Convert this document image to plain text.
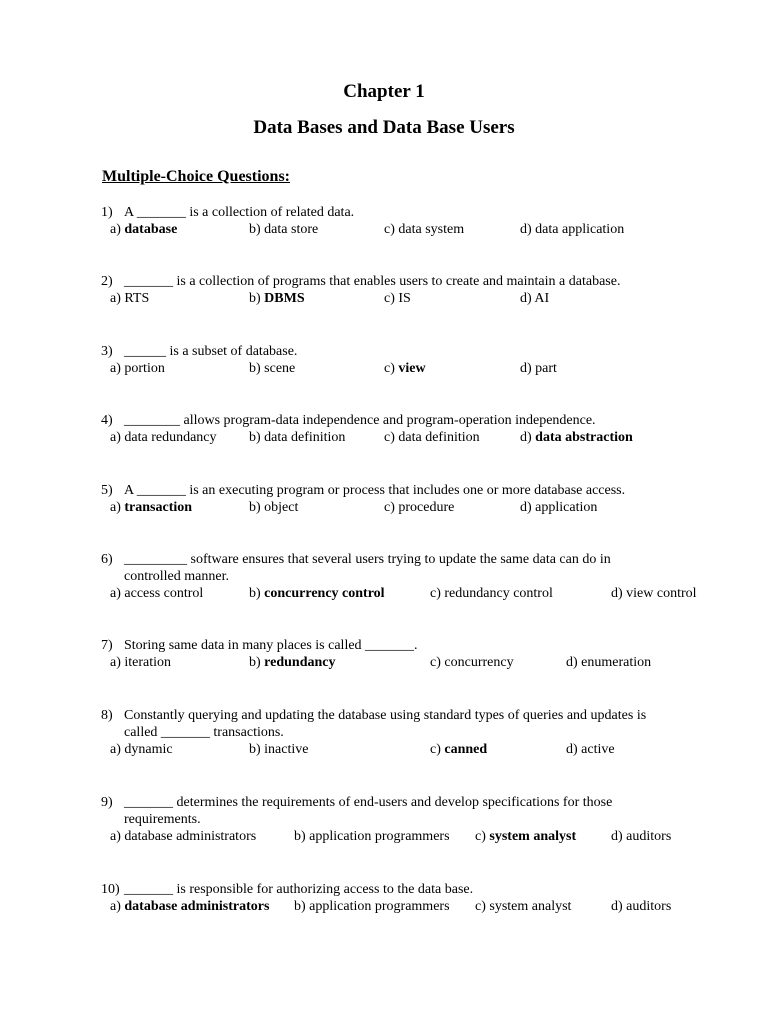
Chapter 1
Data Bases and Data Base Users
Multiple-Choice Questions:
1) A _______ is a collection of related data.
a) database	b) data store	c) data system	d) data application
2) _______ is a collection of programs that enables users to create and maintain a database.
a) RTS	b) DBMS	c) IS	d) AI
3) ______ is a subset of database.
a) portion	b) scene	c) view	d) part
4) ________ allows program-data independence and program-operation independence.
a) data redundancy b) data definition	c) data definition	d) data abstraction
5) A _______ is an executing program or process that includes one or more database access.
a) transaction	b) object	c) procedure	d) application
6) _________ software ensures that several users trying to update the same data can do in
controlled manner.
a) access control	b) concurrency control	c) redundancy control	d) view control
7) Storing same data in many places is called _______.
a) iteration	b) redundancy	c) concurrency	d) enumeration
8) Constantly querying and updating the database using standard types of queries and updates is
called _______ transactions.
a) dynamic	b) inactive	c) canned	d) active
9) _______ determines the requirements of end-users and develop specifications for those
requirements.
a) database administrators	b) application programmers c) system analyst d) auditors
10) _______ is responsible for authorizing access to the data base.
a) database administrators b) application programmers c) system analyst	d) auditors
